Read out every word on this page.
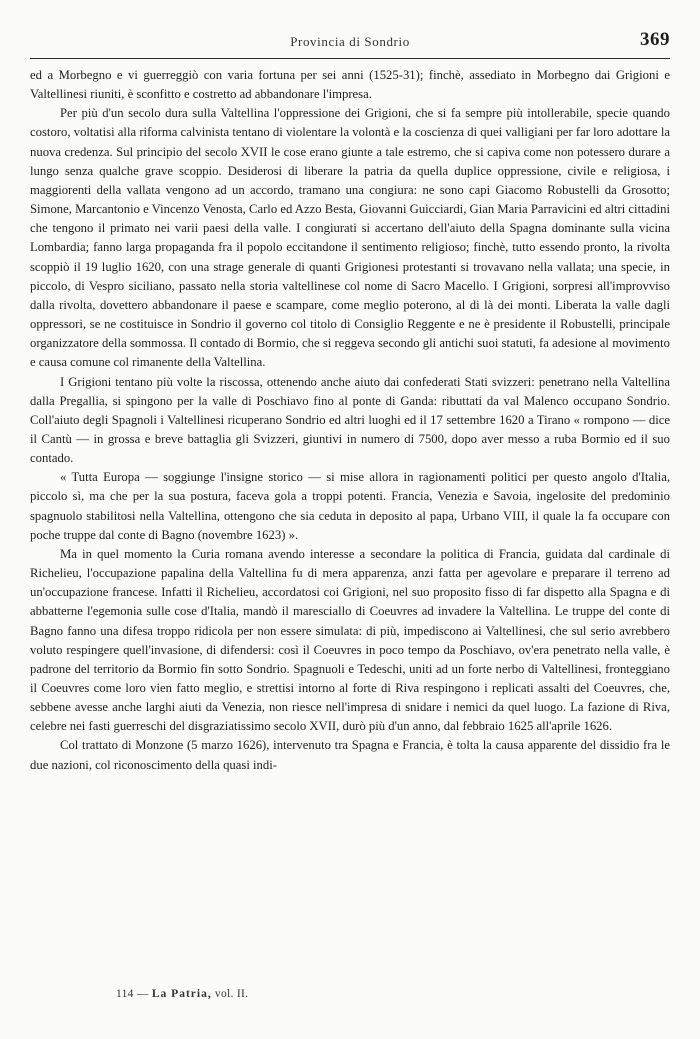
Provincia di Sondrio	369

ed a Morbegno e vi guerreggiò con varia fortuna per sei anni (1525-31); finchè, assediato in Morbegno dai Grigioni e Valtellinesi riuniti, è sconfitto e costretto ad abbandonare l'impresa.

Per più d'un secolo dura sulla Valtellina l'oppressione dei Grigioni, che si fa sempre più intollerabile, specie quando costoro, voltatisi alla riforma calvinista tentano di violentare la volontà e la coscienza di quei valligiani per far loro adottare la nuova credenza. Sul principio del secolo XVII le cose erano giunte a tale estremo, che si capiva come non potessero durare a lungo senza qualche grave scoppio. Desiderosi di liberare la patria da quella duplice oppressione, civile e religiosa, i maggiorenti della vallata vengono ad un accordo, tramano una congiura: ne sono capi Giacomo Robustelli da Grosotto; Simone, Marcantonio e Vincenzo Venosta, Carlo ed Azzo Besta, Giovanni Guicciardi, Gian Maria Parravicini ed altri cittadini che tengono il primato nei varii paesi della valle. I congiurati si accertano dell'aiuto della Spagna dominante sulla vicina Lombardia; fanno larga propaganda fra il popolo eccitandone il sentimento religioso; finchè, tutto essendo pronto, la rivolta scoppiò il 19 luglio 1620, con una strage generale di quanti Grigionesi protestanti si trovavano nella vallata; una specie, in piccolo, di Vespro siciliano, passato nella storia valtellinese col nome di Sacro Macello. I Grigioni, sorpresi all'improvviso dalla rivolta, dovettero abbandonare il paese e scampare, come meglio poterono, al di là dei monti. Liberata la valle dagli oppressori, se ne costituisce in Sondrio il governo col titolo di Consiglio Reggente e ne è presidente il Robustelli, principale organizzatore della sommossa. Il contado di Bormio, che si reggeva secondo gli antichi suoi statuti, fa adesione al movimento e causa comune col rimanente della Valtellina.

I Grigioni tentano più volte la riscossa, ottenendo anche aiuto dai confederati Stati svizzeri: penetrano nella Valtellina dalla Pregallia, si spingono per la valle di Poschiavo fino al ponte di Ganda: ributtati da val Malenco occupano Sondrio. Coll'aiuto degli Spagnoli i Valtellinesi ricuperano Sondrio ed altri luoghi ed il 17 settembre 1620 a Tirano « rompono — dice il Cantù — in grossa e breve battaglia gli Svizzeri, giuntivi in numero di 7500, dopo aver messo a ruba Bormio ed il suo contado.

« Tutta Europa — soggiunge l'insigne storico — si mise allora in ragionamenti politici per questo angolo d'Italia, piccolo sì, ma che per la sua postura, faceva gola a troppi potenti. Francia, Venezia e Savoia, ingelosite del predominio spagnuolo stabilitosi nella Valtellina, ottengono che sia ceduta in deposito al papa, Urbano VIII, il quale la fa occupare con poche truppe dal conte di Bagno (novembre 1623) ».

Ma in quel momento la Curia romana avendo interesse a secondare la politica di Francia, guidata dal cardinale di Richelieu, l'occupazione papalina della Valtellina fu di mera apparenza, anzi fatta per agevolare e preparare il terreno ad un'occupazione francese. Infatti il Richelieu, accordatosi coi Grigioni, nel suo proposito fisso di far dispetto alla Spagna e di abbatterne l'egemonia sulle cose d'Italia, mandò il maresciallo di Coeuvres ad invadere la Valtellina. Le truppe del conte di Bagno fanno una difesa troppo ridicola per non essere simulata: di più, impediscono ai Valtellinesi, che sul serio avrebbero voluto respingere quell'invasione, di difendersi: così il Coeuvres in poco tempo da Poschiavo, ov'era penetrato nella valle, è padrone del territorio da Bormio fin sotto Sondrio. Spagnuoli e Tedeschi, uniti ad un forte nerbo di Valtellinesi, fronteggiano il Coeuvres come loro vien fatto meglio, e strettisi intorno al forte di Riva respingono i replicati assalti del Coeuvres, che, sebbene avesse anche larghi aiuti da Venezia, non riesce nell'impresa di snidare i nemici da quel luogo. La fazione di Riva, celebre nei fasti guerreschi del disgraziatissimo secolo XVII, durò più d'un anno, dal febbraio 1625 all'aprile 1626.

Col trattato di Monzone (5 marzo 1626), intervenuto tra Spagna e Francia, è tolta la causa apparente del dissidio fra le due nazioni, col riconoscimento della quasi indi-

114 — La Patria, vol. II.
